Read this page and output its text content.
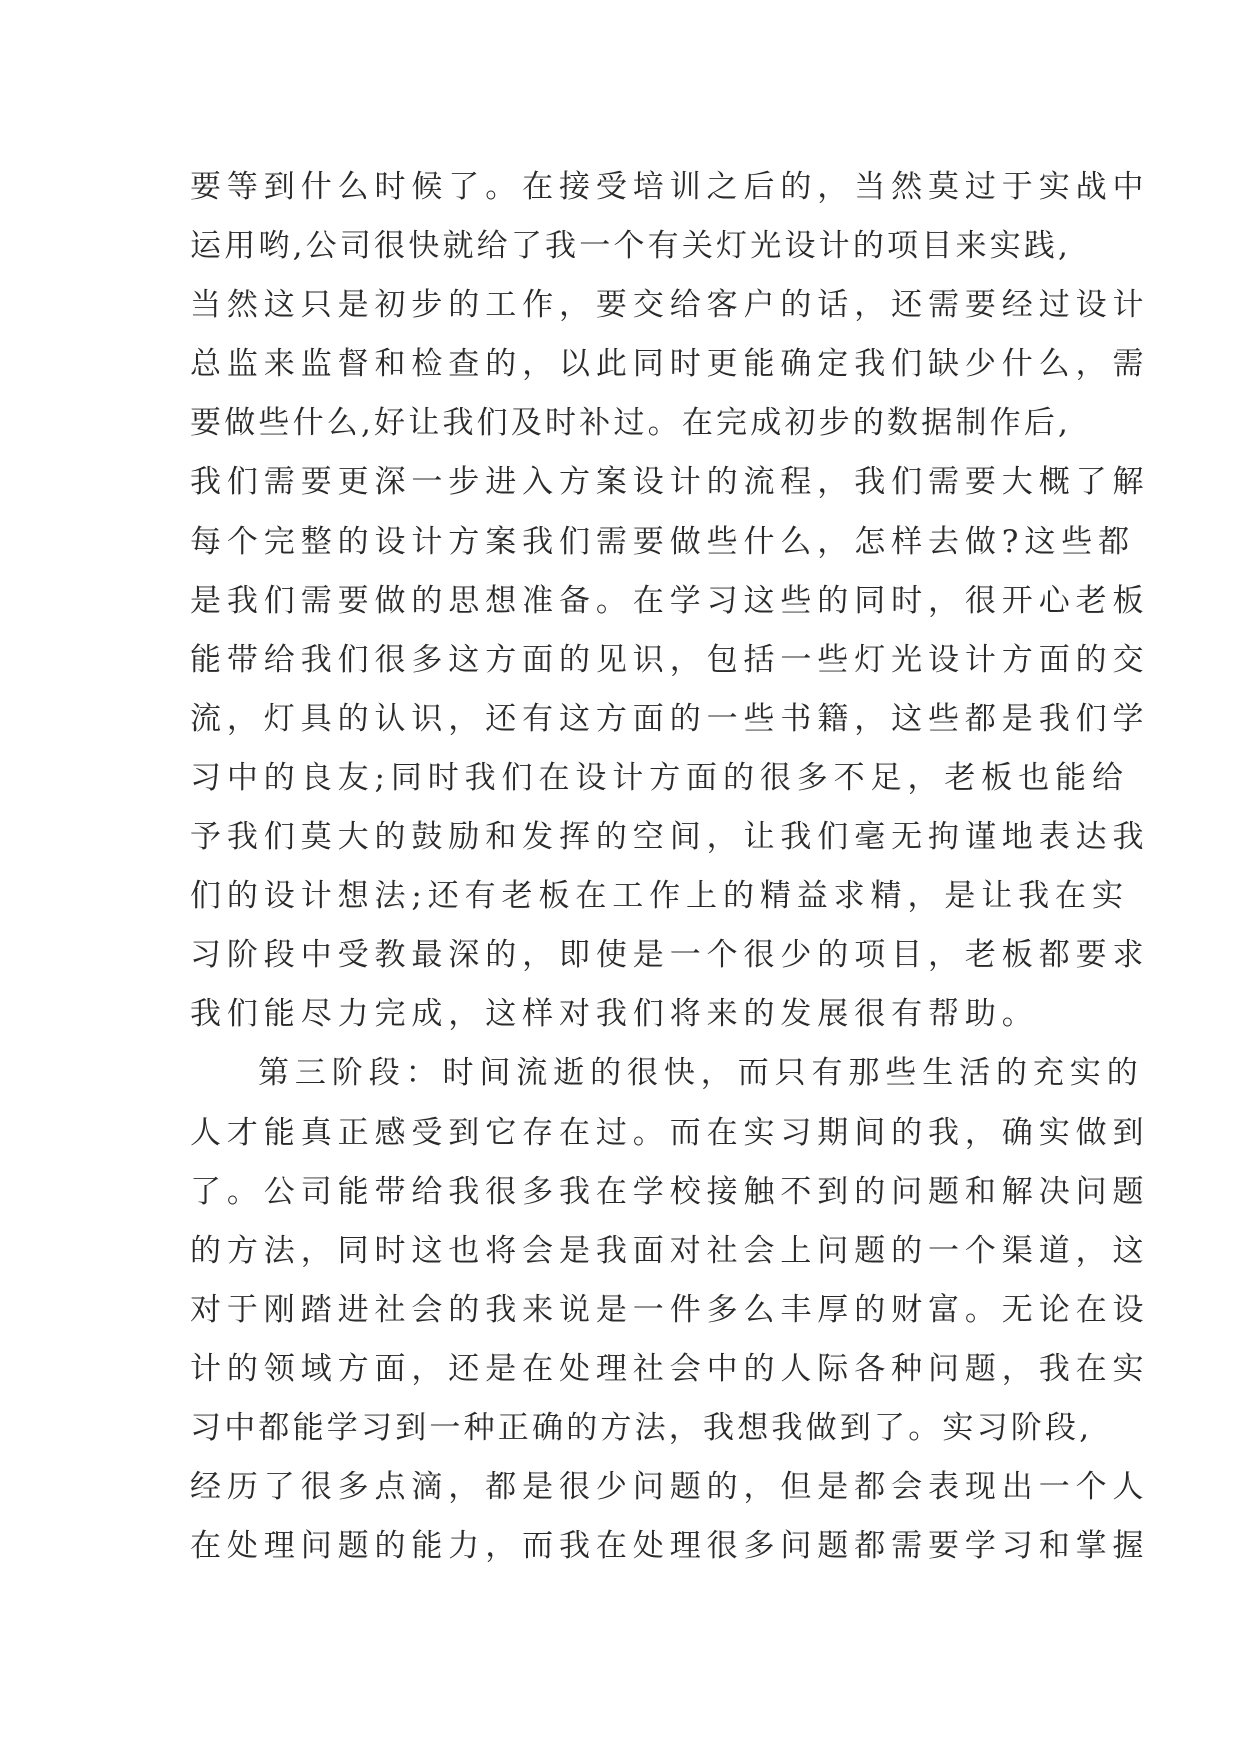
要等到什么时候了。在接受培训之后的，当然莫过于实战中
运用哟,公司很快就给了我一个有关灯光设计的项目来实践,
当然这只是初步的工作，要交给客户的话，还需要经过设计
总监来监督和检查的，以此同时更能确定我们缺少什么，需
要做些什么,好让我们及时补过。在完成初步的数据制作后,
我们需要更深一步进入方案设计的流程，我们需要大概了解
每个完整的设计方案我们需要做些什么，怎样去做?这些都
是我们需要做的思想准备。在学习这些的同时，很开心老板
能带给我们很多这方面的见识，包括一些灯光设计方面的交
流，灯具的认识，还有这方面的一些书籍，这些都是我们学
习中的良友;同时我们在设计方面的很多不足，老板也能给
予我们莫大的鼓励和发挥的空间，让我们毫无拘谨地表达我
们的设计想法;还有老板在工作上的精益求精，是让我在实
习阶段中受教最深的，即使是一个很少的项目，老板都要求
我们能尽力完成，这样对我们将来的发展很有帮助。
第三阶段：时间流逝的很快，而只有那些生活的充实的
人才能真正感受到它存在过。而在实习期间的我，确实做到
了。公司能带给我很多我在学校接触不到的问题和解决问题
的方法，同时这也将会是我面对社会上问题的一个渠道，这
对于刚踏进社会的我来说是一件多么丰厚的财富。无论在设
计的领域方面，还是在处理社会中的人际各种问题，我在实
习中都能学习到一种正确的方法，我想我做到了。实习阶段,
经历了很多点滴，都是很少问题的，但是都会表现出一个人
在处理问题的能力，而我在处理很多问题都需要学习和掌握
